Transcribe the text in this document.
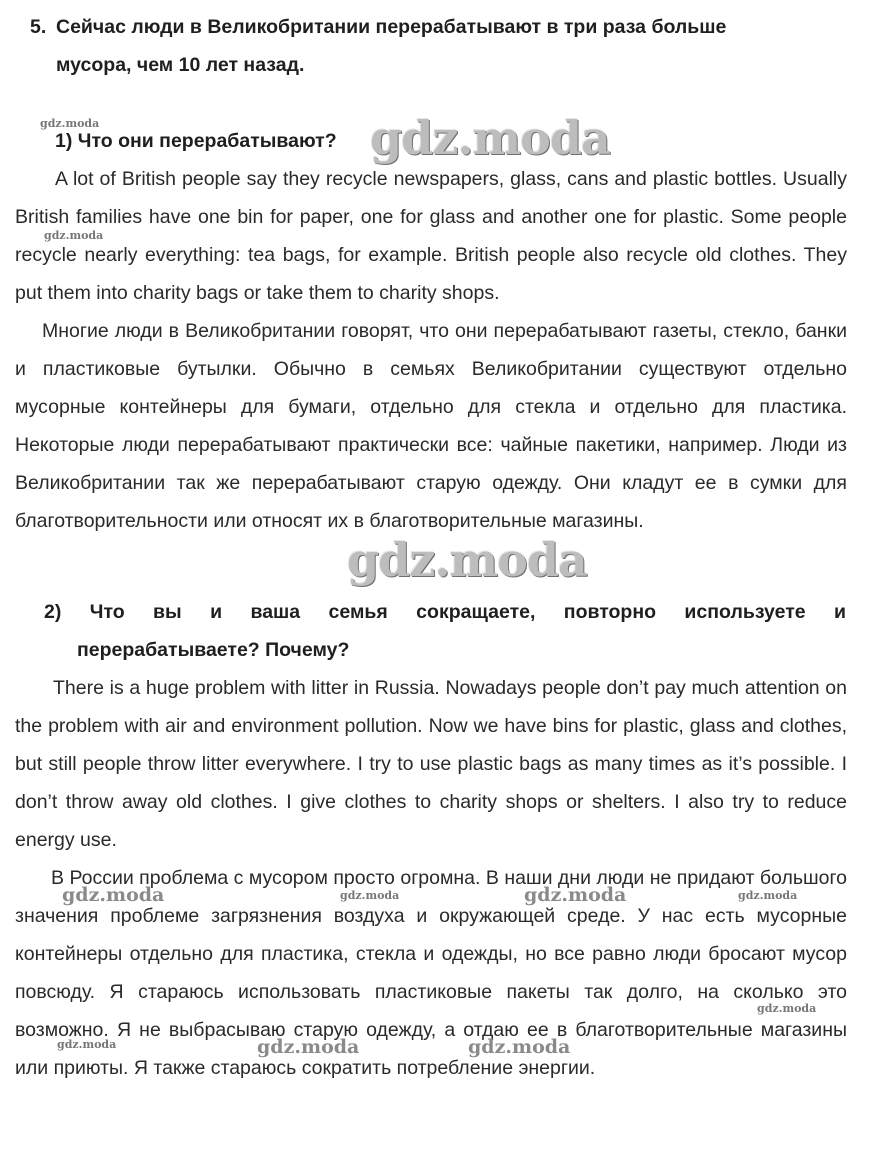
5. Сейчас люди в Великобритании перерабатывают в три раза больше
мусора, чем 10 лет назад.
1) Что они перерабатывают?
A lot of British people say they recycle newspapers, glass, cans and plastic bottles. Usually British families have one bin for paper, one for glass and another one for plastic. Some people recycle nearly everything: tea bags, for example. British people also recycle old clothes. They put them into charity bags or take them to charity shops.
Многие люди в Великобритании говорят, что они перерабатывают газеты, стекло, банки и пластиковые бутылки. Обычно в семьях Великобритании существуют отдельно мусорные контейнеры для бумаги, отдельно для стекла и отдельно для пластика. Некоторые люди перерабатывают практически все: чайные пакетики, например. Люди из Великобритании так же перерабатывают старую одежду. Они кладут ее в сумки для благотворительности или относят их в благотворительные магазины.
2) Что вы и ваша семья сокращаете, повторно используете и
перерабатываете? Почему?
There is a huge problem with litter in Russia. Nowadays people don’t pay much attention on the problem with air and environment pollution. Now we have bins for plastic, glass and clothes, but still people throw litter everywhere. I try to use plastic bags as many times as it’s possible. I don’t throw away old clothes. I give clothes to charity shops or shelters. I also try to reduce energy use.
В России проблема с мусором просто огромна. В наши дни люди не придают большого значения проблеме загрязнения воздуха и окружающей среде. У нас есть мусорные контейнеры отдельно для пластика, стекла и одежды, но все равно люди бросают мусор повсюду. Я стараюсь использовать пластиковые пакеты так долго, на сколько это возможно. Я не выбрасываю старую одежду, а отдаю ее в благотворительные магазины или приюты. Я также стараюсь сократить потребление энергии.
gdz.moda
gdz.moda
gdz.moda
gdz.moda
gdz.moda	gdz.moda	gdz.moda	gdz.moda
gdz.moda
gdz.moda	gdz.moda	gdz.moda
